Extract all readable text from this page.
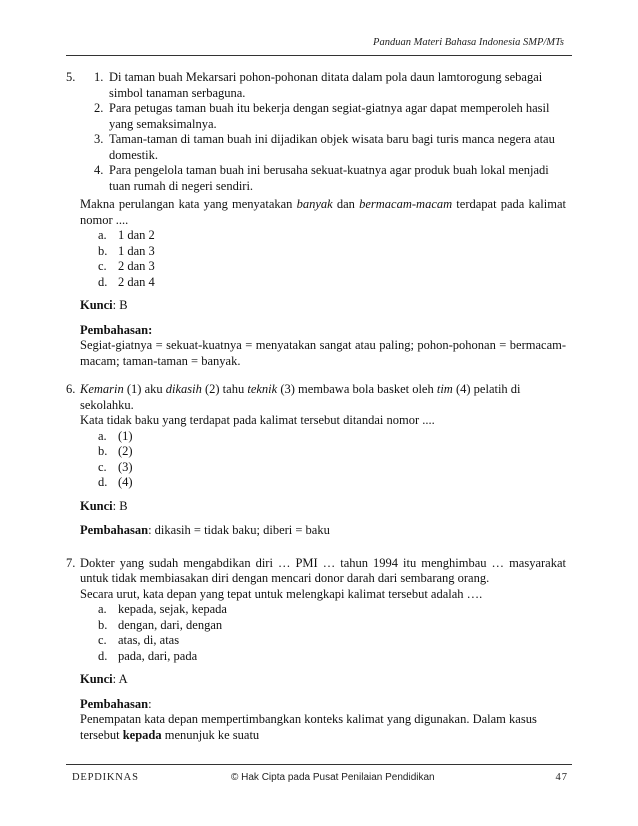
Panduan Materi Bahasa Indonesia SMP/MTs
5. 1. Di taman buah Mekarsari pohon-pohonan ditata dalam pola daun lamtorogung sebagai simbol tanaman serbaguna.
2. Para petugas taman buah itu bekerja dengan segiat-giatnya agar dapat memperoleh hasil yang semaksimalnya.
3. Taman-taman di taman buah ini dijadikan objek wisata baru bagi turis manca negera atau domestik.
4. Para pengelola taman buah ini berusaha sekuat-kuatnya agar produk buah lokal menjadi tuan rumah di negeri sendiri.

Makna perulangan kata yang menyatakan banyak dan bermacam-macam terdapat pada kalimat nomor ....

a. 1 dan 2
b. 1 dan 3
c. 2 dan 3
d. 2 dan 4
Kunci: B
Pembahasan:

Segiat-giatnya = sekuat-kuatnya = menyatakan sangat atau paling; pohon-pohonan = bermacam-macam; taman-taman = banyak.

6. Kemarin (1) aku dikasih (2) tahu teknik (3) membawa bola basket oleh tim (4) pelatih di sekolahku.

Kata tidak baku yang terdapat pada kalimat tersebut ditandai nomor ....

a. (1)
b. (2)
c. (3)
d. (4)
Kunci: B
Pembahasan: dikasih = tidak baku; diberi = baku
7. Dokter yang sudah mengabdikan diri … PMI … tahun 1994 itu menghimbau … masyarakat untuk tidak membiasakan diri dengan mencari donor darah dari sembarang orang.

Secara urut, kata depan yang tepat untuk melengkapi kalimat tersebut adalah ….

a. kepada, sejak, kepada
b. dengan, dari, dengan
c. atas, di, atas
d. pada, dari, pada
Kunci: A
Pembahasan:

Penempatan kata depan mempertimbangkan konteks kalimat yang digunakan. Dalam kasus tersebut kepada menunjuk ke suatu

DEPDIKNAS	© Hak Cipta pada Pusat Penilaian Pendidikan	47
